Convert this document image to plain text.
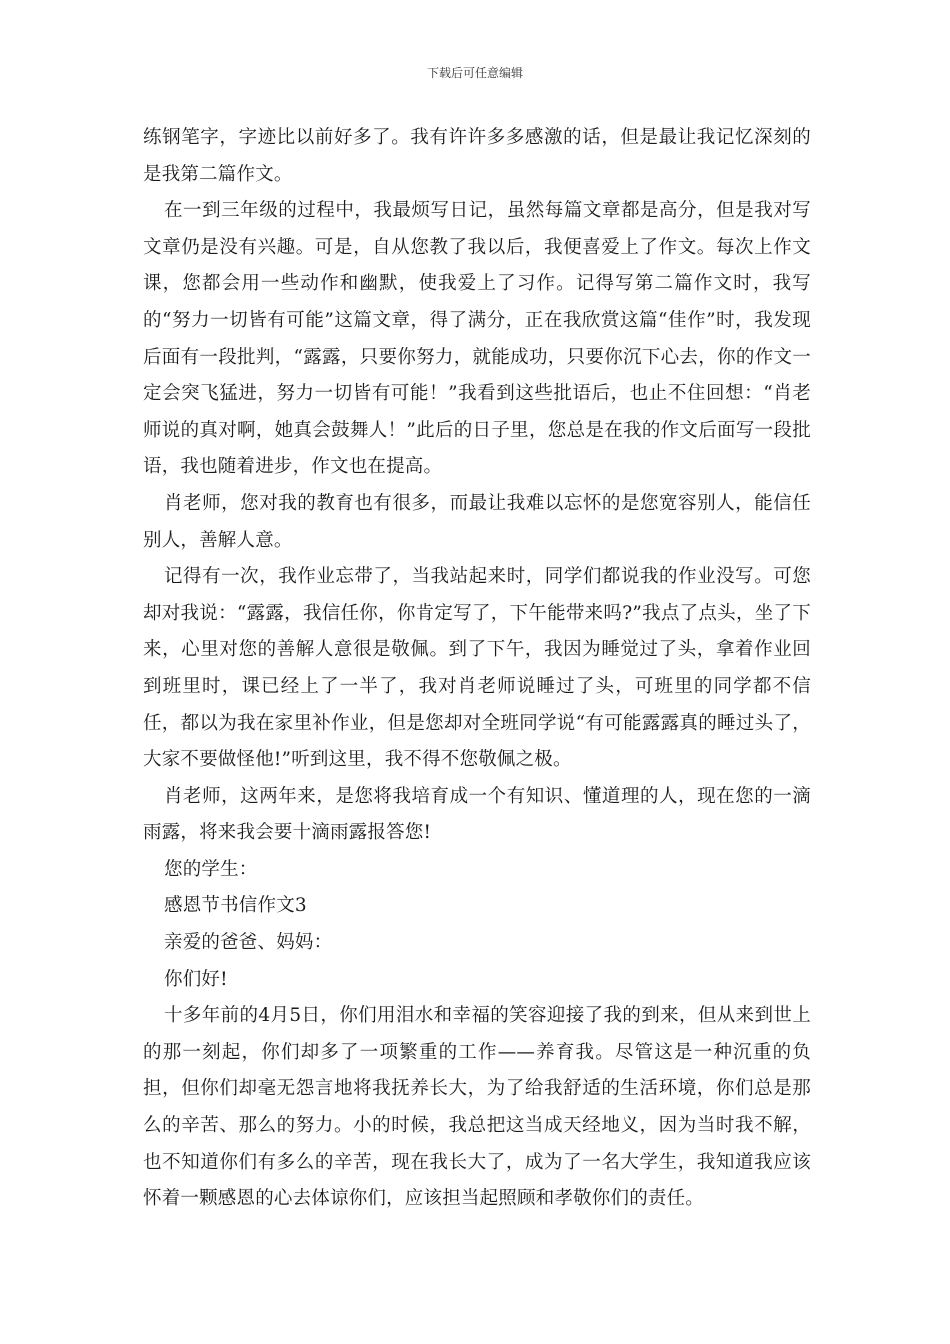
下载后可任意编辑

练钢笔字，字迹比以前好多了。我有许许多多感激的话，但是最让我记忆深刻的是我第二篇作文。

在一到三年级的过程中，我最烦写日记，虽然每篇文章都是高分，但是我对写文章仍是没有兴趣。可是，自从您教了我以后，我便喜爱上了作文。每次上作文课，您都会用一些动作和幽默，使我爱上了习作。记得写第二篇作文时，我写的“努力一切皆有可能”这篇文章，得了满分，正在我欣赏这篇“佳作”时，我发现后面有一段批判，“露露，只要你努力，就能成功，只要你沉下心去，你的作文一定会突飞猛进，努力一切皆有可能！”我看到这些批语后，也止不住回想：“肖老师说的真对啊，她真会鼓舞人！”此后的日子里，您总是在我的作文后面写一段批语，我也随着进步，作文也在提高。

肖老师，您对我的教育也有很多，而最让我难以忘怀的是您宽容别人，能信任别人，善解人意。

记得有一次，我作业忘带了，当我站起来时，同学们都说我的作业没写。可您却对我说：“露露，我信任你，你肯定写了，下午能带来吗?”我点了点头，坐了下来，心里对您的善解人意很是敬佩。到了下午，我因为睡觉过了头，拿着作业回到班里时，课已经上了一半了，我对肖老师说睡过了头，可班里的同学都不信任，都以为我在家里补作业，但是您却对全班同学说“有可能露露真的睡过头了，大家不要做怪他!”听到这里，我不得不您敬佩之极。

肖老师，这两年来，是您将我培育成一个有知识、懂道理的人，现在您的一滴雨露，将来我会要十滴雨露报答您!

您的学生：

感恩节书信作文3

亲爱的爸爸、妈妈：

你们好!

十多年前的4月5日，你们用泪水和幸福的笑容迎接了我的到来，但从来到世上的那一刻起，你们却多了一项繁重的工作——养育我。尽管这是一种沉重的负担，但你们却毫无怨言地将我抚养长大，为了给我舒适的生活环境，你们总是那么的辛苦、那么的努力。小的时候，我总把这当成天经地义，因为当时我不解，也不知道你们有多么的辛苦，现在我长大了，成为了一名大学生，我知道我应该怀着一颗感恩的心去体谅你们，应该担当起照顾和孝敬你们的责任。
